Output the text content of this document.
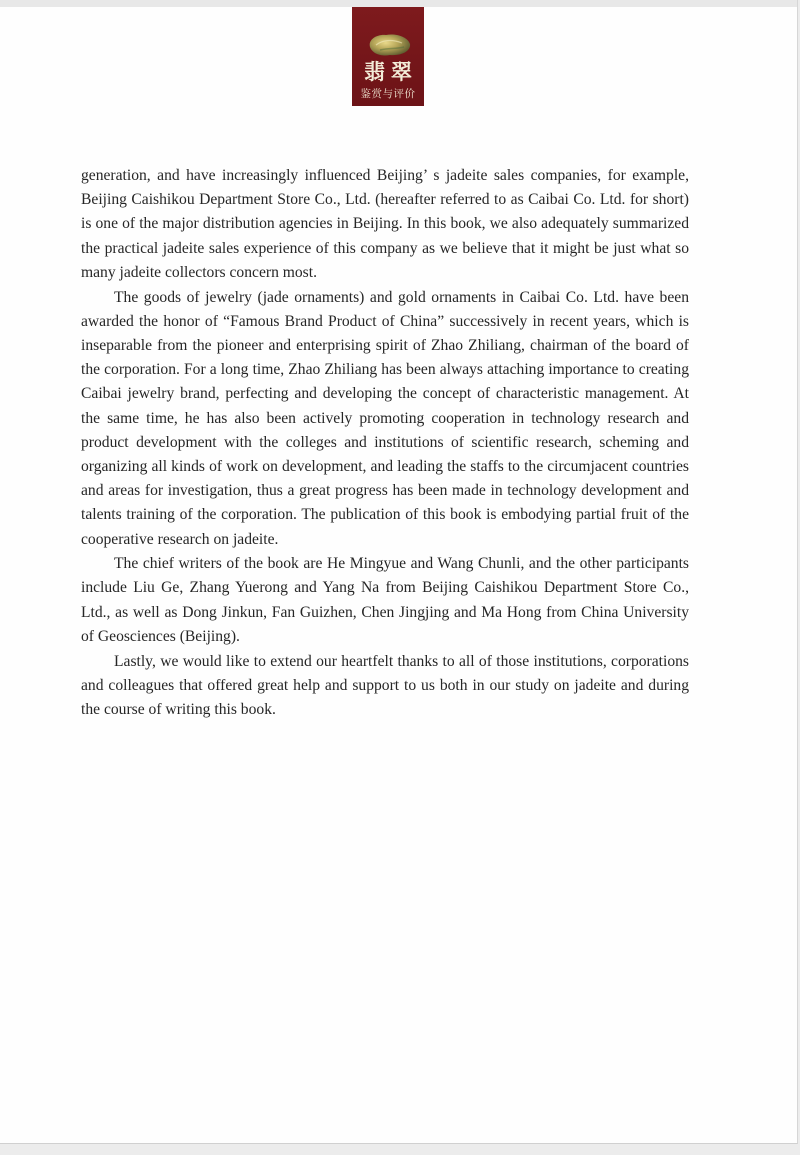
翡翠
鉴赏与评价

generation, and have increasingly influenced Beijing’ s jadeite sales companies, for example, Beijing Caishikou Department Store Co., Ltd. (hereafter referred to as Caibai Co. Ltd. for short) is one of the major distribution agencies in Beijing. In this book, we also adequately summarized the practical jadeite sales experience of this company as we believe that it might be just what so many jadeite collectors concern most.

The goods of jewelry (jade ornaments) and gold ornaments in Caibai Co. Ltd. have been awarded the honor of “Famous Brand Product of China” successively in recent years, which is inseparable from the pioneer and enterprising spirit of Zhao Zhiliang, chairman of the board of the corporation. For a long time, Zhao Zhiliang has been always attaching importance to creating Caibai jewelry brand, perfecting and developing the concept of characteristic management. At the same time, he has also been actively promoting cooperation in technology research and product development with the colleges and institutions of scientific research, scheming and organizing all kinds of work on development, and leading the staffs to the circumjacent countries and areas for investigation, thus a great progress has been made in technology development and talents training of the corporation. The publication of this book is embodying partial fruit of the cooperative research on jadeite.

The chief writers of the book are He Mingyue and Wang Chunli, and the other participants include Liu Ge, Zhang Yuerong and Yang Na from Beijing Caishikou Department Store Co., Ltd., as well as Dong Jinkun, Fan Guizhen, Chen Jingjing and Ma Hong from China University of Geosciences (Beijing).

Lastly, we would like to extend our heartfelt thanks to all of those institutions, corporations and colleagues that offered great help and support to us both in our study on jadeite and during the course of writing this book.
